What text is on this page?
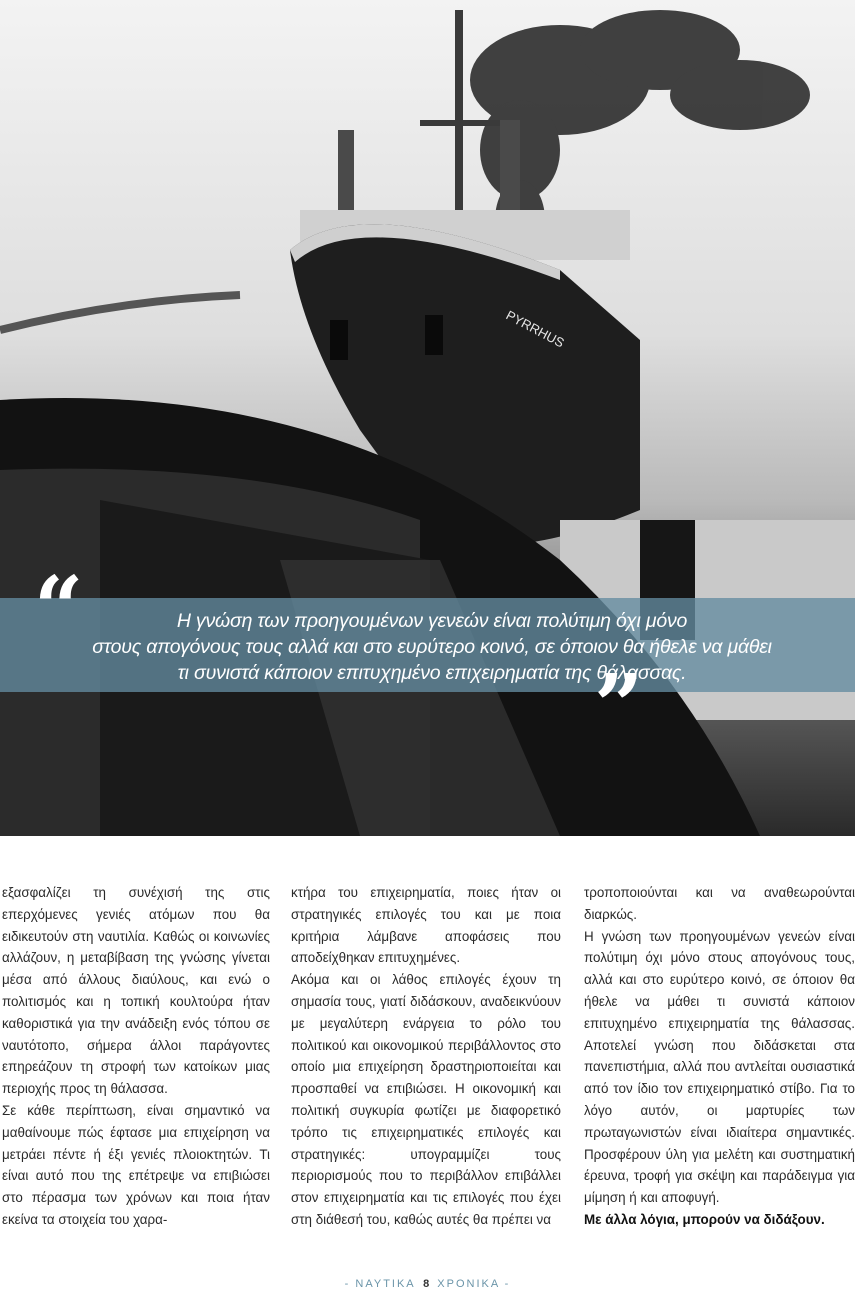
PYRRHUS
“	Η γνώση των προηγουμένων γενεών είναι πολύτιμη όχι μόνο
στους απογόνους τους αλλά και στο ευρύτερο κοινό, σε όποιον θα ήθελε να μάθει
τι συνιστά κάποιον επιτυχημένο επιχειρηματία της θάλασσας.
”

εξασφαλίζει τη συνέχισή της στις επερχόμενες γενιές ατόμων που θα ειδικευτούν στη ναυτιλία. Καθώς οι κοινωνίες αλλάζουν, η μεταβίβαση της γνώσης γίνεται μέσα από άλλους διαύλους, και ενώ ο πολιτισμός και η τοπική κουλτούρα ήταν καθοριστικά για την ανάδειξη ενός τόπου σε ναυτότοπο, σήμερα άλλοι παράγοντες επηρεάζουν τη στροφή των κατοίκων μιας περιοχής προς τη θάλασσα.

Σε κάθε περίπτωση, είναι σημαντικό να μαθαίνουμε πώς έφτασε μια επιχείρηση να μετράει πέντε ή έξι γενιές πλοιοκτητών. Τι είναι αυτό που της επέτρεψε να επιβιώσει στο πέρασμα των χρόνων και ποια ήταν εκείνα τα στοιχεία του χαρα-

κτήρα του επιχειρηματία, ποιες ήταν οι στρατηγικές επιλογές του και με ποια κριτήρια λάμβανε αποφάσεις που αποδείχθηκαν επιτυχημένες.

Ακόμα και οι λάθος επιλογές έχουν τη σημασία τους, γιατί διδάσκουν, αναδεικνύουν με μεγαλύτερη ενάργεια το ρόλο του πολιτικού και οικονομικού περιβάλλοντος στο οποίο μια επιχείρηση δραστηριοποιείται και προσπαθεί να επιβιώσει. Η οικονομική και πολιτική συγκυρία φωτίζει με διαφορετικό τρόπο τις επιχειρηματικές επιλογές και στρατηγικές: υπογραμμίζει τους περιορισμούς που το περιβάλλον επιβάλλει στον επιχειρηματία και τις επιλογές που έχει στη διάθεσή του, καθώς αυτές θα πρέπει να

τροποποιούνται και να αναθεωρούνται διαρκώς.

Η γνώση των προηγουμένων γενεών είναι πολύτιμη όχι μόνο στους απογόνους τους, αλλά και στο ευρύτερο κοινό, σε όποιον θα ήθελε να μάθει τι συνιστά κάποιον επιτυχημένο επιχειρηματία της θάλασσας. Αποτελεί γνώση που διδάσκεται στα πανεπιστήμια, αλλά που αντλείται ουσιαστικά από τον ίδιο τον επιχειρηματικό στίβο. Για το λόγο αυτόν, οι μαρτυρίες των πρωταγωνιστών είναι ιδιαίτερα σημαντικές. Προσφέρουν ύλη για μελέτη και συστηματική έρευνα, τροφή για σκέψη και παράδειγμα για μίμηση ή και αποφυγή.

Με άλλα λόγια, μπορούν να διδάξουν.

- ΝΑΥΤΙΚΑ 8 ΧΡΟΝΙΚΑ -
